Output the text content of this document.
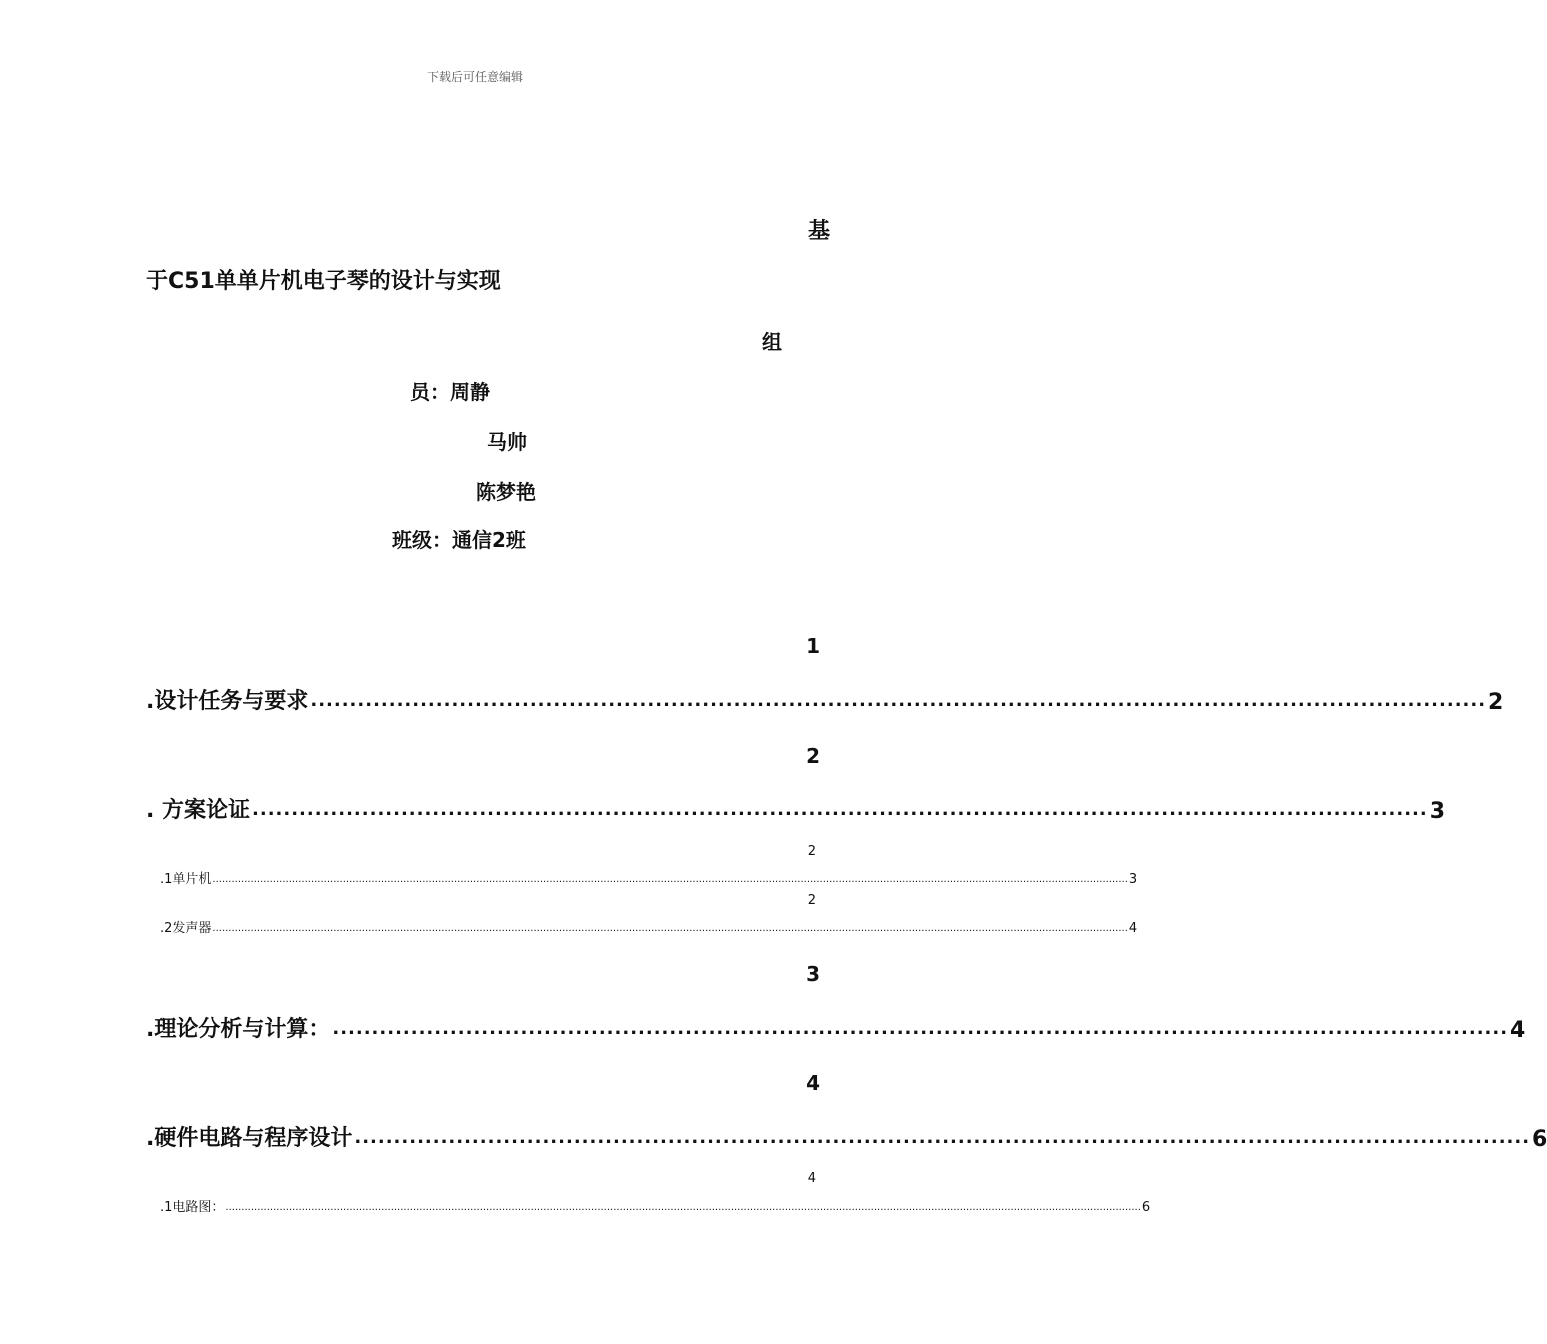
下载后可任意编辑
基
于C51单单片机电子琴的设计与实现
组
员：周静
马帅
陈梦艳
班级：通信2班
1
.设计任务与要求 ...................................................................................................................................................... 2
2
. 方案论证 ...................................................................................................................................................... 3
2
.1单片机 ................................................................................................................................................................................................................................................................................................ 3
2
.2发声器 ................................................................................................................................................................................................................................................................................................ 4
3
.理论分析与计算： ...................................................................................................................................................... 4
4
.硬件电路与程序设计 ...................................................................................................................................................... 6
4
.1电路图： ................................................................................................................................................................................................................................................................................................ 6
